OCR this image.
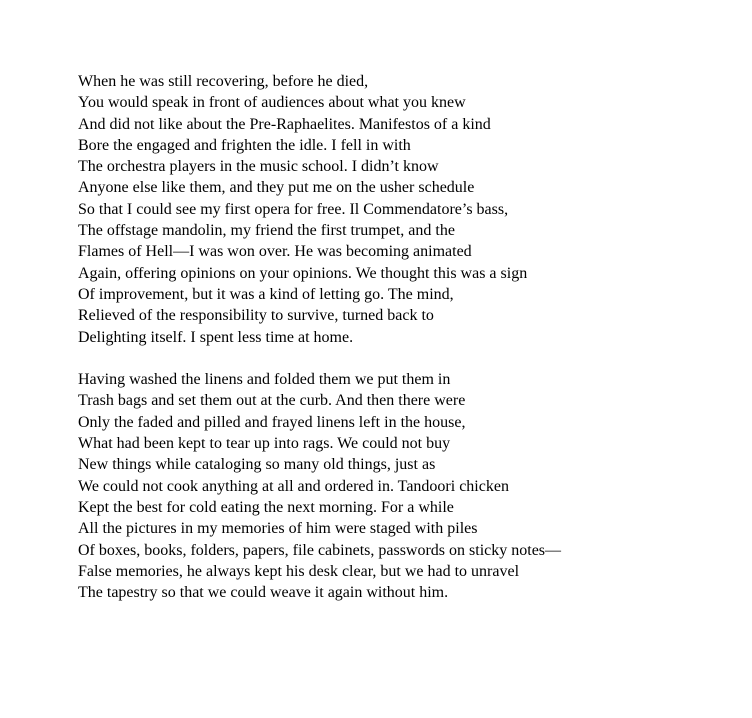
When he was still recovering, before he died,
You would speak in front of audiences about what you knew
And did not like about the Pre-Raphaelites. Manifestos of a kind
Bore the engaged and frighten the idle. I fell in with
The orchestra players in the music school. I didn’t know
Anyone else like them, and they put me on the usher schedule
So that I could see my first opera for free. Il Commendatore’s bass,
The offstage mandolin, my friend the first trumpet, and the
Flames of Hell—I was won over. He was becoming animated
Again, offering opinions on your opinions. We thought this was a sign
Of improvement, but it was a kind of letting go. The mind,
Relieved of the responsibility to survive, turned back to
Delighting itself. I spent less time at home.
Having washed the linens and folded them we put them in
Trash bags and set them out at the curb. And then there were
Only the faded and pilled and frayed linens left in the house,
What had been kept to tear up into rags. We could not buy
New things while cataloging so many old things, just as
We could not cook anything at all and ordered in. Tandoori chicken
Kept the best for cold eating the next morning. For a while
All the pictures in my memories of him were staged with piles
Of boxes, books, folders, papers, file cabinets, passwords on sticky notes—
False memories, he always kept his desk clear, but we had to unravel
The tapestry so that we could weave it again without him.
